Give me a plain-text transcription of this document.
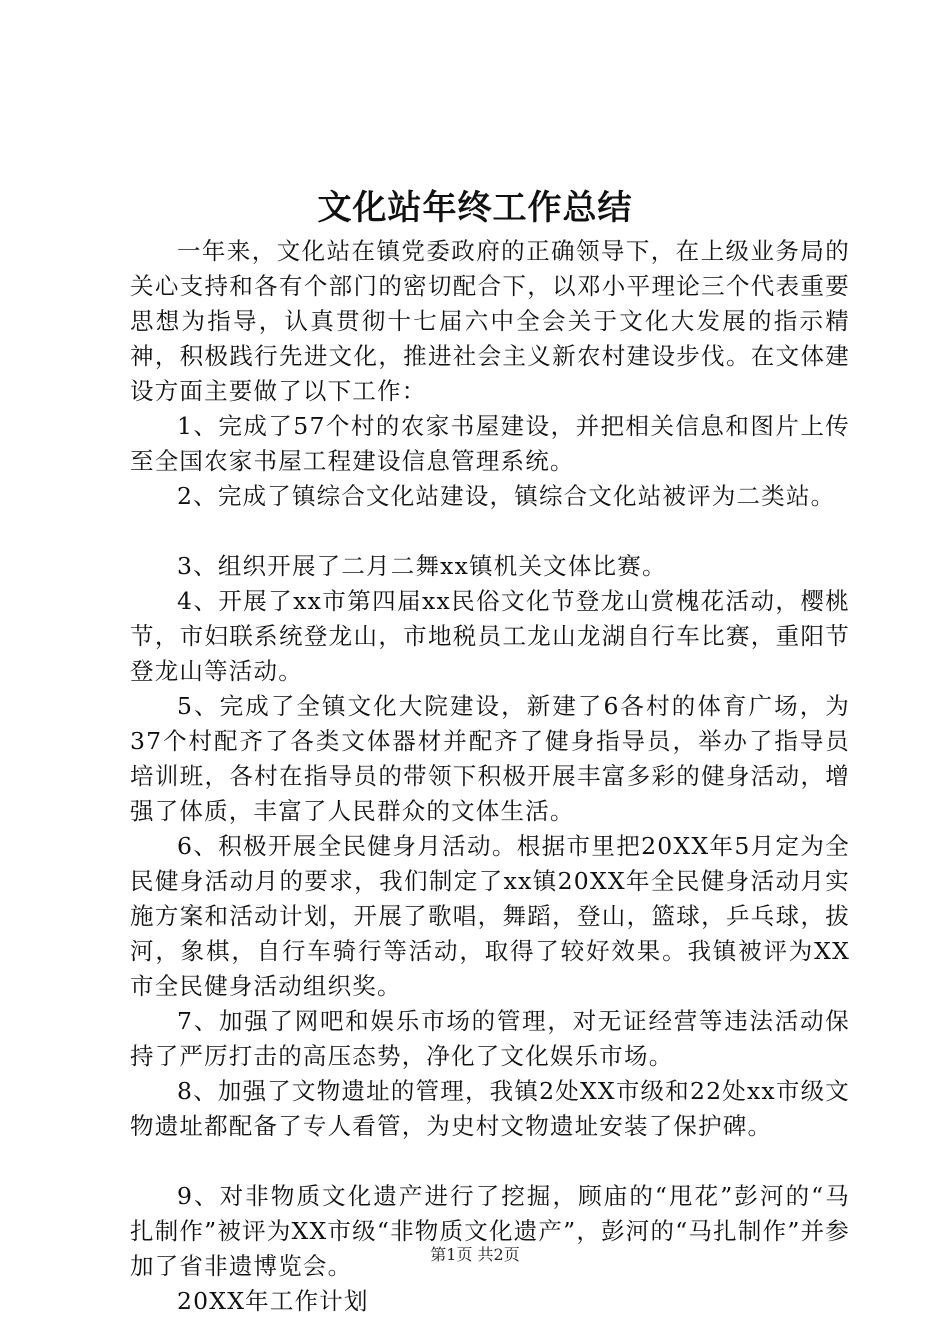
文化站年终工作总结

一年来，文化站在镇党委政府的正确领导下，在上级业务局的关心支持和各有个部门的密切配合下，以邓小平理论三个代表重要思想为指导，认真贯彻十七届六中全会关于文化大发展的指示精神，积极践行先进文化，推进社会主义新农村建设步伐。在文体建设方面主要做了以下工作：

1、完成了57个村的农家书屋建设，并把相关信息和图片上传至全国农家书屋工程建设信息管理系统。

2、完成了镇综合文化站建设，镇综合文化站被评为二类站。

3、组织开展了二月二舞xx镇机关文体比赛。

4、开展了xx市第四届xx民俗文化节登龙山赏槐花活动，樱桃节，市妇联系统登龙山，市地税员工龙山龙湖自行车比赛，重阳节登龙山等活动。

5、完成了全镇文化大院建设，新建了6各村的体育广场，为37个村配齐了各类文体器材并配齐了健身指导员，举办了指导员培训班，各村在指导员的带领下积极开展丰富多彩的健身活动，增强了体质，丰富了人民群众的文体生活。

6、积极开展全民健身月活动。根据市里把20XX年5月定为全民健身活动月的要求，我们制定了xx镇20XX年全民健身活动月实施方案和活动计划，开展了歌唱，舞蹈，登山，篮球，乒乓球，拔河，象棋，自行车骑行等活动，取得了较好效果。我镇被评为XX市全民健身活动组织奖。

7、加强了网吧和娱乐市场的管理，对无证经营等违法活动保持了严厉打击的高压态势，净化了文化娱乐市场。

8、加强了文物遗址的管理，我镇2处XX市级和22处xx市级文物遗址都配备了专人看管，为史村文物遗址安装了保护碑。

9、对非物质文化遗产进行了挖掘，顾庙的“甩花”彭河的“马扎制作”被评为XX市级“非物质文化遗产”，彭河的“马扎制作”并参加了省非遗博览会。

20XX年工作计划

第1页 共2页
